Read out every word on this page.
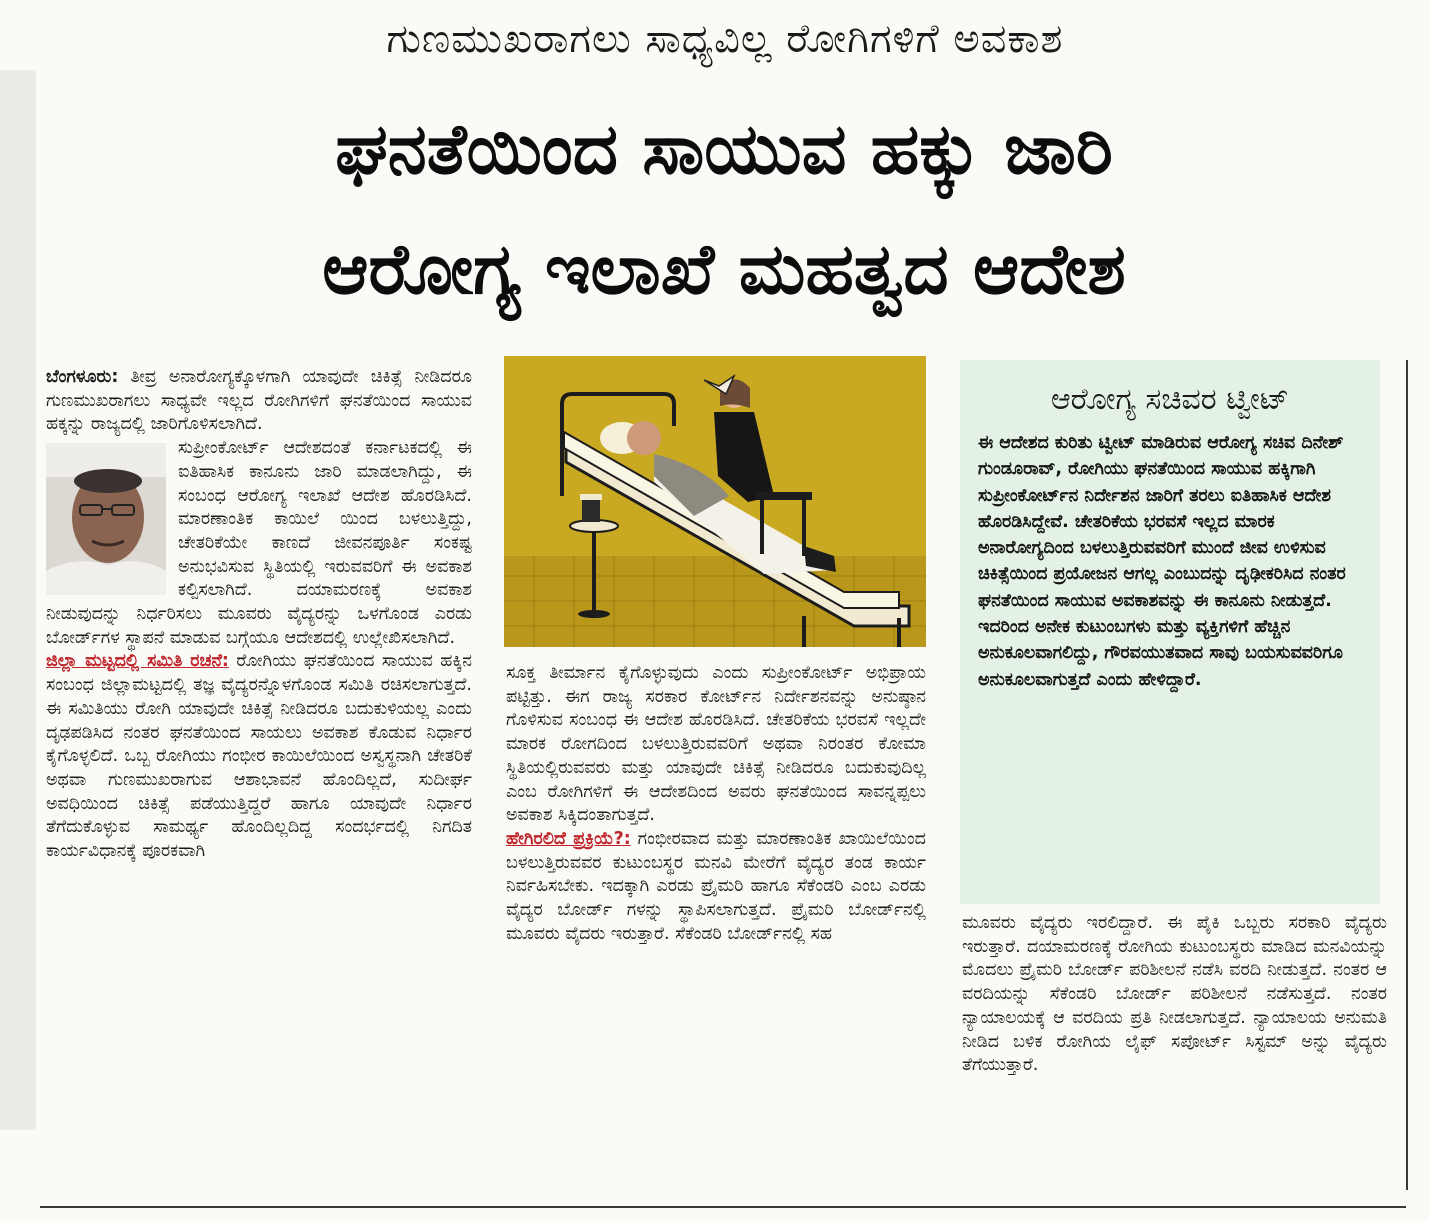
ಗುಣಮುಖರಾಗಲು ಸಾಧ್ಯವಿಲ್ಲ ರೋಗಿಗಳಿಗೆ ಅವಕಾಶ
ಘನತೆಯಿಂದ ಸಾಯುವ ಹಕ್ಕು ಜಾರಿ
ಆರೋಗ್ಯ ಇಲಾಖೆ ಮಹತ್ವದ ಆದೇಶ

ಬೆಂಗಳೂರು: ತೀವ್ರ ಅನಾರೋಗ್ಯಕ್ಕೊಳಗಾಗಿ ಯಾವುದೇ ಚಿಕಿತ್ಸೆ ನೀಡಿದರೂ ಗುಣಮುಖರಾಗಲು ಸಾಧ್ಯವೇ ಇಲ್ಲದ ರೋಗಿಗಳಿಗೆ ಘನತೆಯಿಂದ ಸಾಯುವ ಹಕ್ಕನ್ನು ರಾಜ್ಯದಲ್ಲಿ ಜಾರಿಗೊಳಿಸಲಾಗಿದೆ.

ಸುಪ್ರೀಂಕೋರ್ಟ್ ಆದೇಶದಂತೆ ಕರ್ನಾಟಕದಲ್ಲಿ ಈ ಐತಿಹಾಸಿಕ ಕಾನೂನು ಜಾರಿ ಮಾಡಲಾಗಿದ್ದು, ಈ ಸಂಬಂಧ ಆರೋಗ್ಯ ಇಲಾಖೆ ಆದೇಶ ಹೊರಡಿಸಿದೆ. ಮಾರಣಾಂತಿಕ ಕಾಯಿಲೆ ಯಿಂದ ಬಳಲುತ್ತಿದ್ದು, ಚೇತರಿಕೆಯೇ ಕಾಣದೆ ಜೀವನಪೂರ್ತಿ ಸಂಕಷ್ಟ ಅನುಭವಿಸುವ ಸ್ಥಿತಿಯಲ್ಲಿ ಇರುವವರಿಗೆ ಈ ಅವಕಾಶ ಕಲ್ಪಿಸಲಾಗಿದೆ. ದಯಾಮರಣಕ್ಕೆ ಅವಕಾಶ ನೀಡುವುದನ್ನು ನಿರ್ಧರಿಸಲು ಮೂವರು ವೈದ್ಯರನ್ನು ಒಳಗೊಂಡ ಎರಡು ಬೋರ್ಡ್‌ಗಳ ಸ್ಥಾಪನೆ ಮಾಡುವ ಬಗ್ಗೆಯೂ ಆದೇಶದಲ್ಲಿ ಉಲ್ಲೇಖಿಸಲಾಗಿದೆ.

ಜಿಲ್ಲಾ ಮಟ್ಟದಲ್ಲಿ ಸಮಿತಿ ರಚನೆ: ರೋಗಿಯು ಘನತೆಯಿಂದ ಸಾಯುವ ಹಕ್ಕಿನ ಸಂಬಂಧ ಜಿಲ್ಲಾಮಟ್ಟದಲ್ಲಿ ತಜ್ಞ ವೈದ್ಯರನ್ನೊಳಗೊಂಡ ಸಮಿತಿ ರಚಿಸಲಾಗುತ್ತದೆ. ಈ ಸಮಿತಿಯು ರೋಗಿ ಯಾವುದೇ ಚಿಕಿತ್ಸೆ ನೀಡಿದರೂ ಬದುಕುಳಿಯಲ್ಲ ಎಂದು ದೃಢಪಡಿಸಿದ ನಂತರ ಘನತೆಯಿಂದ ಸಾಯಲು ಅವಕಾಶ ಕೊಡುವ ನಿರ್ಧಾರ ಕೈಗೊಳ್ಳಲಿದೆ. ಒಬ್ಬ ರೋಗಿಯು ಗಂಭೀರ ಕಾಯಿಲೆಯಿಂದ ಅಸ್ವಸ್ಥನಾಗಿ ಚೇತರಿಕೆ ಅಥವಾ ಗುಣಮುಖರಾಗುವ ಆಶಾಭಾವನೆ ಹೊಂದಿಲ್ಲದೆ, ಸುದೀರ್ಘ ಅವಧಿಯಿಂದ ಚಿಕಿತ್ಸೆ ಪಡೆಯುತ್ತಿದ್ದರೆ ಹಾಗೂ ಯಾವುದೇ ನಿರ್ಧಾರ ತೆಗೆದುಕೊಳ್ಳುವ ಸಾಮರ್ಥ್ಯ ಹೊಂದಿಲ್ಲದಿದ್ದ ಸಂದರ್ಭದಲ್ಲಿ ನಿಗದಿತ ಕಾರ್ಯವಿಧಾನಕ್ಕೆ ಪೂರಕವಾಗಿ

ಸೂಕ್ತ ತೀರ್ಮಾನ ಕೈಗೊಳ್ಳುವುದು ಎಂದು ಸುಪ್ರೀಂಕೋರ್ಟ್ ಅಭಿಪ್ರಾಯ ಪಟ್ಟಿತ್ತು. ಈಗ ರಾಜ್ಯ ಸರಕಾರ ಕೋರ್ಟ್‌ನ ನಿರ್ದೇಶನವನ್ನು ಅನುಷ್ಠಾನ ಗೊಳಿಸುವ ಸಂಬಂಧ ಈ ಆದೇಶ ಹೊರಡಿಸಿದೆ. ಚೇತರಿಕೆಯ ಭರವಸೆ ಇಲ್ಲದೇ ಮಾರಕ ರೋಗದಿಂದ ಬಳಲುತ್ತಿರುವವರಿಗೆ ಅಥವಾ ನಿರಂತರ ಕೋಮಾ ಸ್ಥಿತಿಯಲ್ಲಿರುವವರು ಮತ್ತು ಯಾವುದೇ ಚಿಕಿತ್ಸೆ ನೀಡಿದರೂ ಬದುಕುವುದಿಲ್ಲ ಎಂಬ ರೋಗಿಗಳಿಗೆ ಈ ಆದೇಶದಿಂದ ಅವರು ಘನತೆಯಿಂದ ಸಾವನ್ನಪ್ಪಲು ಅವಕಾಶ ಸಿಕ್ಕಿದಂತಾಗುತ್ತದೆ.

ಹೇಗಿರಲಿದೆ ಪ್ರಕ್ರಿಯೆ?: ಗಂಭೀರವಾದ ಮತ್ತು ಮಾರಣಾಂತಿಕ ಖಾಯಿಲೆಯಿಂದ ಬಳಲುತ್ತಿರುವವರ ಕುಟುಂಬಸ್ಥರ ಮನವಿ ಮೇರೆಗೆ ವೈದ್ಯರ ತಂಡ ಕಾರ್ಯ ನಿರ್ವಹಿಸಬೇಕು. ಇದಕ್ಕಾಗಿ ಎರಡು ಪ್ರೈಮರಿ ಹಾಗೂ ಸೆಕೆಂಡರಿ ಎಂಬ ಎರಡು ವೈದ್ಯರ ಬೋರ್ಡ್ ಗಳನ್ನು ಸ್ಥಾಪಿಸಲಾಗುತ್ತದೆ. ಪ್ರೈಮರಿ ಬೋರ್ಡ್‌ನಲ್ಲಿ ಮೂವರು ವೈದರು ಇರುತ್ತಾರೆ. ಸೆಕೆಂಡರಿ ಬೋರ್ಡ್‌ನಲ್ಲಿ ಸಹ

ಆರೋಗ್ಯ ಸಚಿವರ ಟ್ವೀಟ್
ಈ ಆದೇಶದ ಕುರಿತು ಟ್ವೀಟ್ ಮಾಡಿರುವ ಆರೋಗ್ಯ ಸಚಿವ ದಿನೇಶ್ ಗುಂಡೂರಾವ್, ರೋಗಿಯು ಘನತೆಯಿಂದ ಸಾಯುವ ಹಕ್ಕಿಗಾಗಿ ಸುಪ್ರೀಂಕೋರ್ಟ್‌ನ ನಿರ್ದೇಶನ ಜಾರಿಗೆ ತರಲು ಐತಿಹಾಸಿಕ ಆದೇಶ ಹೊರಡಿಸಿದ್ದೇವೆ. ಚೇತರಿಕೆಯ ಭರವಸೆ ಇಲ್ಲದ ಮಾರಕ ಅನಾರೋಗ್ಯದಿಂದ ಬಳಲುತ್ತಿರುವವರಿಗೆ ಮುಂದೆ ಜೀವ ಉಳಿಸುವ ಚಿಕಿತ್ಸೆಯಿಂದ ಪ್ರಯೋಜನ ಆಗಲ್ಲ ಎಂಬುದನ್ನು ದೃಢೀಕರಿಸಿದ ನಂತರ ಘನತೆಯಿಂದ ಸಾಯುವ ಅವಕಾಶವನ್ನು ಈ ಕಾನೂನು ನೀಡುತ್ತದೆ. ಇದರಿಂದ ಅನೇಕ ಕುಟುಂಬಗಳು ಮತ್ತು ವ್ಯಕ್ತಿಗಳಿಗೆ ಹೆಚ್ಚಿನ ಅನುಕೂಲವಾಗಲಿದ್ದು, ಗೌರವಯುತವಾದ ಸಾವು ಬಯಸುವವರಿಗೂ ಅನುಕೂಲವಾಗುತ್ತದೆ ಎಂದು ಹೇಳಿದ್ದಾರೆ.

ಮೂವರು ವೈದ್ಯರು ಇರಲಿದ್ದಾರೆ. ಈ ಪೈಕಿ ಒಬ್ಬರು ಸರಕಾರಿ ವೈದ್ಯರು ಇರುತ್ತಾರೆ. ದಯಾಮರಣಕ್ಕೆ ರೋಗಿಯ ಕುಟುಂಬಸ್ಥರು ಮಾಡಿದ ಮನವಿಯನ್ನು ಮೊದಲು ಪ್ರೈಮರಿ ಬೋರ್ಡ್ ಪರಿಶೀಲನೆ ನಡೆಸಿ ವರದಿ ನೀಡುತ್ತದೆ. ನಂತರ ಆ ವರದಿಯನ್ನು ಸೆಕೆಂಡರಿ ಬೋರ್ಡ್ ಪರಿಶೀಲನೆ ನಡೆಸುತ್ತದೆ. ನಂತರ ನ್ಯಾಯಾಲಯಕ್ಕೆ ಆ ವರದಿಯ ಪ್ರತಿ ನೀಡಲಾಗುತ್ತದೆ. ನ್ಯಾಯಾಲಯ ಅನುಮತಿ ನೀಡಿದ ಬಳಿಕ ರೋಗಿಯ ಲೈಫ್ ಸಪೋರ್ಟ್ ಸಿಸ್ಟಮ್ ಅನ್ನು ವೈದ್ಯರು ತೆಗೆಯುತ್ತಾರೆ.
